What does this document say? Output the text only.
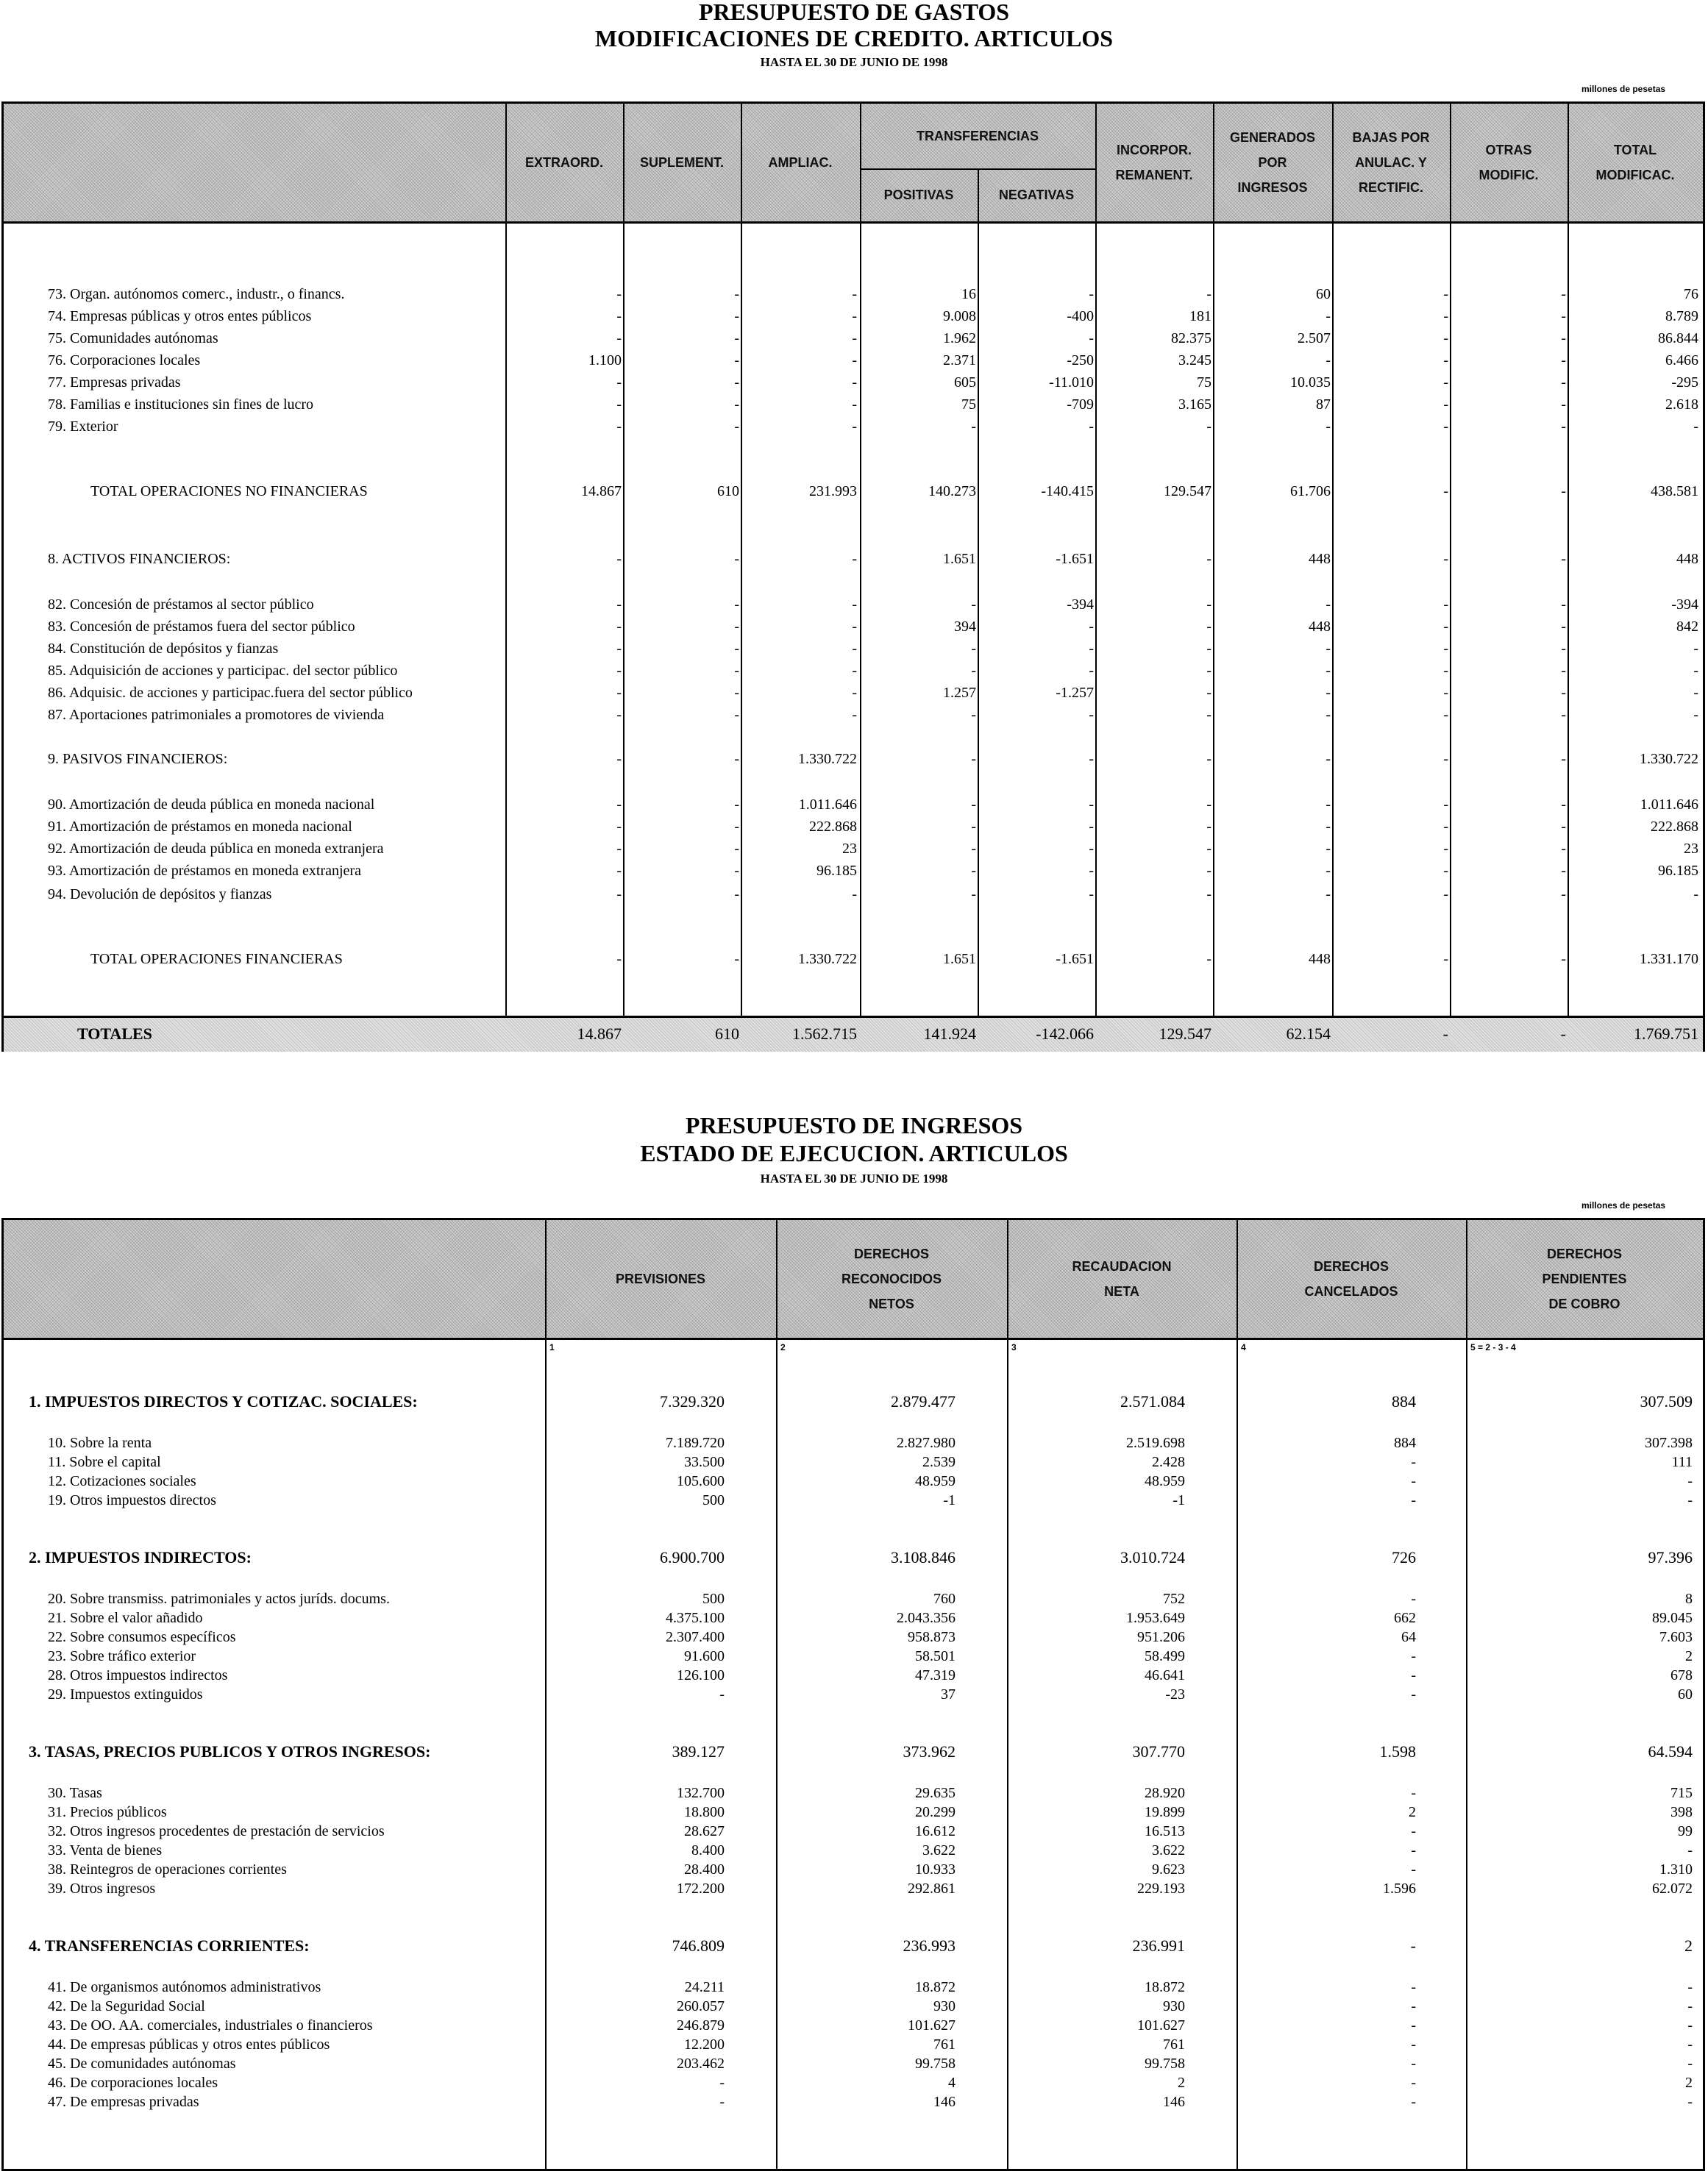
PRESUPUESTO DE GASTOS
MODIFICACIONES DE CREDITO. ARTICULOS
HASTA EL 30 DE JUNIO DE 1998
millones de pesetas
EXTRAORD.	SUPLEMENT.	AMPLIAC.
TRANSFERENCIAS
POSITIVAS	NEGATIVAS
INCORPOR.
REMANENT.
GENERADOS
POR
INGRESOS
BAJAS POR
ANULAC. Y
RECTIFIC.
OTRAS
MODIFIC.
TOTAL
MODIFICAC.
73. Organ. autónomos comerc., industr., o financs.	-	-	-	16	-	-	60	-	-	76
74. Empresas públicas y otros entes públicos	-	-	-	9.008	-400	181	-	-	-	8.789
75. Comunidades autónomas	-	-	-	1.962	-	82.375	2.507	-	-	86.844
76. Corporaciones locales	1.100	-	-	2.371	-250	3.245	-	-	-	6.466
77. Empresas privadas	-	-	-	605	-11.010	75	10.035	-	-	-295
78. Familias e instituciones sin fines de lucro	-	-	-	75	-709	3.165	87	-	-	2.618
79. Exterior	-	-	-	-	-	-	-	-	-	-
TOTAL OPERACIONES NO FINANCIERAS	14.867	610	231.993	140.273	-140.415	129.547	61.706	-	-	438.581
8. ACTIVOS FINANCIEROS:	-	-	-	1.651	-1.651	-	448	-	-	448
82. Concesión de préstamos al sector público	-	-	-	-	-394	-	-	-	-	-394
83. Concesión de préstamos fuera del sector público	-	-	-	394	-	-	448	-	-	842
84. Constitución de depósitos y fianzas	-	-	-	-	-	-	-	-	-	-
85. Adquisición de acciones y participac. del sector público	-	-	-	-	-	-	-	-	-	-
86. Adquisic. de acciones y participac.fuera del sector público	-	-	-	1.257	-1.257	-	-	-	-	-
87. Aportaciones patrimoniales a promotores de vivienda	-	-	-	-	-	-	-	-	-	-
9. PASIVOS FINANCIEROS:	-	-	1.330.722	-	-	-	-	-	-	1.330.722
90. Amortización de deuda pública en moneda nacional	-	-	1.011.646	-	-	-	-	-	-	1.011.646
91. Amortización de préstamos en moneda nacional	-	-	222.868	-	-	-	-	-	-	222.868
92. Amortización de deuda pública en moneda extranjera	-	-	23	-	-	-	-	-	-	23
93. Amortización de préstamos en moneda extranjera	-	-	96.185	-	-	-	-	-	-	96.185
94. Devolución de depósitos y fianzas	-	-	-	-	-	-	-	-	-	-
TOTAL OPERACIONES FINANCIERAS	-	-	1.330.722	1.651	-1.651	-	448	-	-	1.331.170
TOTALES	14.867	610	1.562.715	141.924	-142.066	129.547	62.154	-	-	1.769.751
PRESUPUESTO DE INGRESOS
ESTADO DE EJECUCION. ARTICULOS
HASTA EL 30 DE JUNIO DE 1998
millones de pesetas
PREVISIONES
DERECHOS
RECONOCIDOS
NETOS
RECAUDACION
NETA
DERECHOS
CANCELADOS
DERECHOS
PENDIENTES
DE COBRO
1	2	3	4	5 = 2 - 3 - 4
1. IMPUESTOS DIRECTOS Y COTIZAC. SOCIALES:	7.329.320	2.879.477	2.571.084	884	307.509
10. Sobre la renta	7.189.720	2.827.980	2.519.698	884	307.398
11. Sobre el capital	33.500	2.539	2.428	-	111
12. Cotizaciones sociales	105.600	48.959	48.959	-	-
19. Otros impuestos directos	500	-1	-1	-	-
2. IMPUESTOS INDIRECTOS:	6.900.700	3.108.846	3.010.724	726	97.396
20. Sobre transmiss. patrimoniales y actos juríds. docums.	500	760	752	-	8
21. Sobre el valor añadido	4.375.100	2.043.356	1.953.649	662	89.045
22. Sobre consumos específicos	2.307.400	958.873	951.206	64	7.603
23. Sobre tráfico exterior	91.600	58.501	58.499	-	2
28. Otros impuestos indirectos	126.100	47.319	46.641	-	678
29. Impuestos extinguidos	-	37	-23	-	60
3. TASAS, PRECIOS PUBLICOS Y OTROS INGRESOS:	389.127	373.962	307.770	1.598	64.594
30. Tasas	132.700	29.635	28.920	-	715
31. Precios públicos	18.800	20.299	19.899	2	398
32. Otros ingresos procedentes de prestación de servicios	28.627	16.612	16.513	-	99
33. Venta de bienes	8.400	3.622	3.622	-	-
38. Reintegros de operaciones corrientes	28.400	10.933	9.623	-	1.310
39. Otros ingresos	172.200	292.861	229.193	1.596	62.072
4. TRANSFERENCIAS CORRIENTES:	746.809	236.993	236.991	-	2
41. De organismos autónomos administrativos	24.211	18.872	18.872	-	-
42. De la Seguridad Social	260.057	930	930	-	-
43. De OO. AA. comerciales, industriales o financieros	246.879	101.627	101.627	-	-
44. De empresas públicas y otros entes públicos	12.200	761	761	-	-
45. De comunidades autónomas	203.462	99.758	99.758	-	-
46. De corporaciones locales	-	4	2	-	2
47. De empresas privadas	-	146	146	-	-
